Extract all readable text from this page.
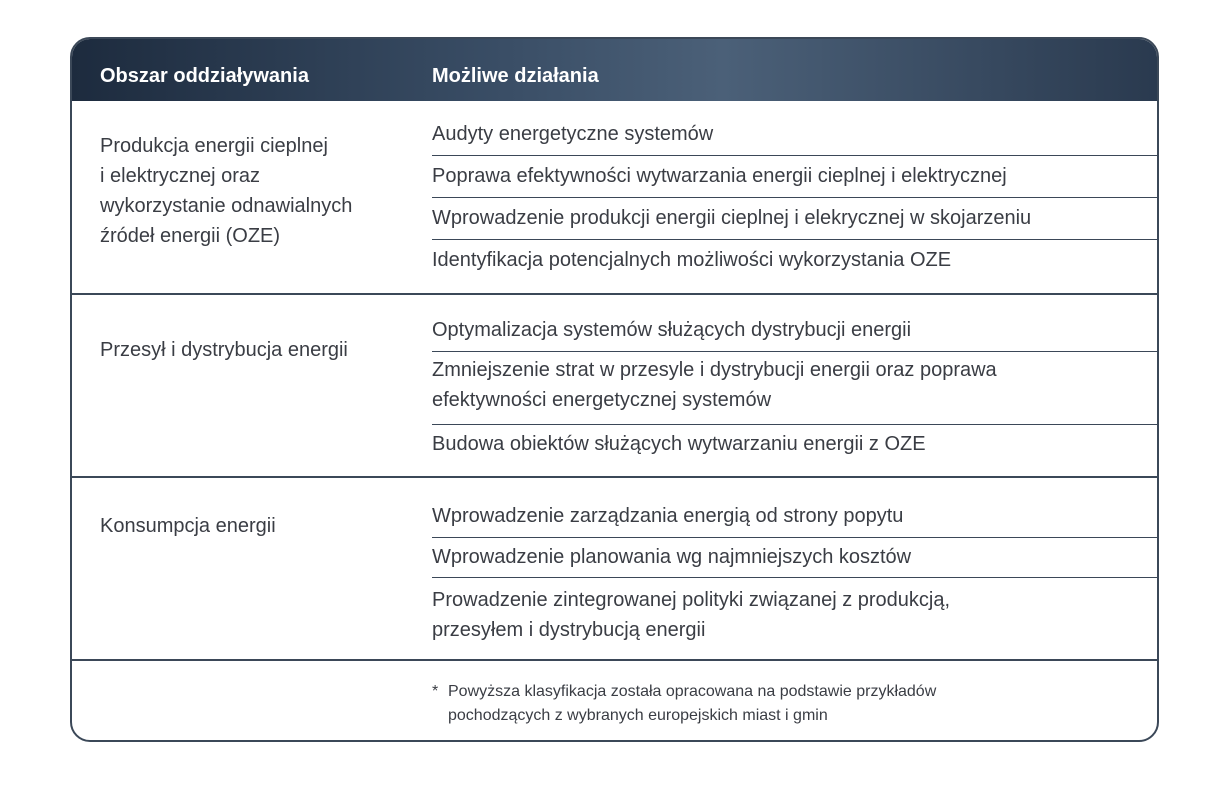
Obszar oddziaływania	Możliwe działania
Produkcja energii cieplnej
i elektrycznej oraz
wykorzystanie odnawialnych
źródeł energii (OZE)
Audyty energetyczne systemów
Poprawa efektywności wytwarzania energii cieplnej i elektrycznej
Wprowadzenie produkcji energii cieplnej i elekrycznej w skojarzeniu
Identyfikacja potencjalnych możliwości wykorzystania OZE
Przesył i dystrybucja energii
Optymalizacja systemów służących dystrybucji energii
Zmniejszenie strat w przesyle i dystrybucji energii oraz poprawa
efektywności energetycznej systemów
Budowa obiektów służących wytwarzaniu energii z OZE
Konsumpcja energii	Wprowadzenie zarządzania energią od strony popytu
Wprowadzenie planowania wg najmniejszych kosztów
Prowadzenie zintegrowanej polityki związanej z produkcją,
przesyłem i dystrybucją energii
* Powyższa klasyfikacja została opracowana na podstawie przykładów
pochodzących z wybranych europejskich miast i gmin
